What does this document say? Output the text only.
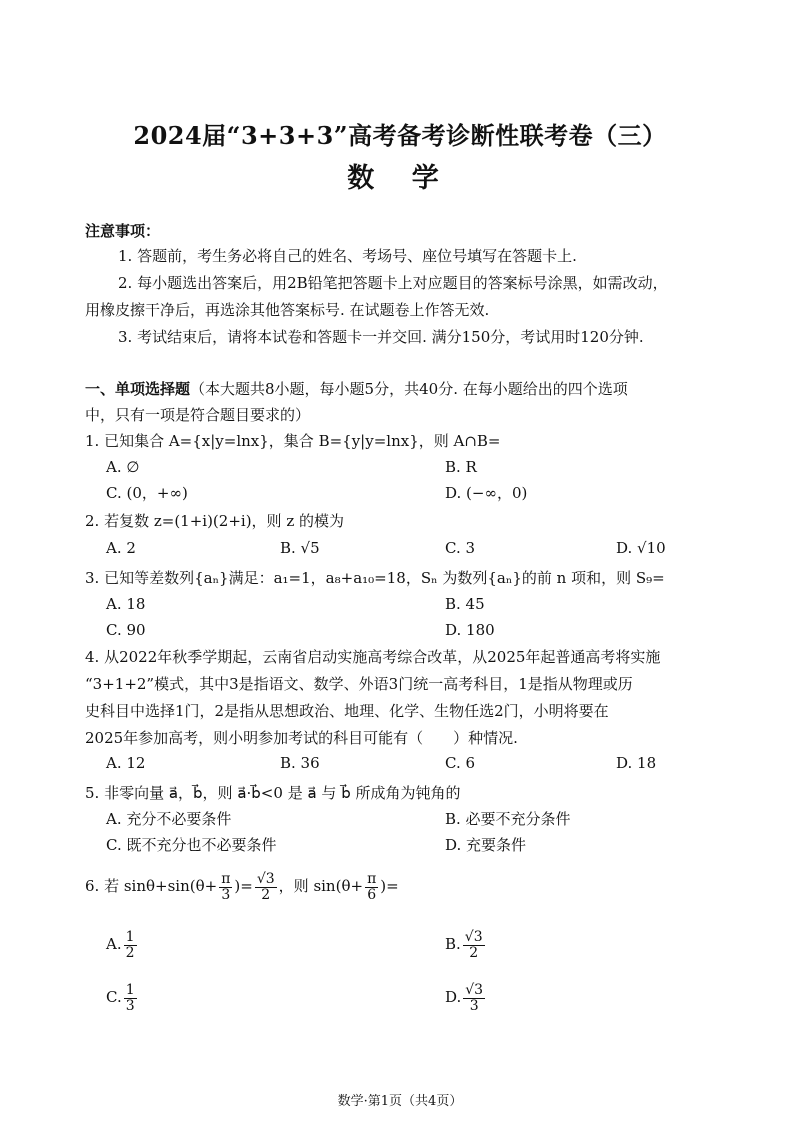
2024届“3+3+3”高考备考诊断性联考卷（三）
数 学
注意事项：
1. 答题前，考生务必将自己的姓名、考场号、座位号填写在答题卡上.
2. 每小题选出答案后，用2B铅笔把答题卡上对应题目的答案标号涂黑，如需改动，
用橡皮擦干净后，再选涂其他答案标号. 在试题卷上作答无效.
3. 考试结束后，请将本试卷和答题卡一并交回. 满分150分，考试用时120分钟.
一、单项选择题（本大题共8小题，每小题5分，共40分. 在每小题给出的四个选项
中，只有一项是符合题目要求的）
1. 已知集合 A={x|y=lnx}，集合 B={y|y=lnx}，则 A∩B=
A. ∅	B. R
C. (0，+∞)	D. (−∞，0)
2. 若复数 z=(1+i)(2+i)，则 z 的模为
A. 2	B. √5	C. 3	D. √10
3. 已知等差数列{aₙ}满足：a₁=1，a₈+a₁₀=18，Sₙ 为数列{aₙ}的前 n 项和，则 S₉=
A. 18	B. 45
C. 90	D. 180
4. 从2022年秋季学期起，云南省启动实施高考综合改革，从2025年起普通高考将实施
“3+1+2”模式，其中3是指语文、数学、外语3门统一高考科目，1是指从物理或历
史科目中选择1门，2是指从思想政治、地理、化学、生物任选2门，小明将要在
2025年参加高考，则小明参加考试的科目可能有（　　）种情况.
A. 12	B. 36	C. 6	D. 18
5. 非零向量 a⃗，b⃗，则 a⃗·b⃗<0 是 a⃗ 与 b⃗ 所成角为钝角的
A. 充分不必要条件	B. 必要不充分条件
C. 既不充分也不必要条件	D. 充要条件
6. 若 $\sin\theta+\sin(\theta+ \frac{\pi}{3}$ )= $\frac{√3}{2}$ ，则 $\sin(\theta+ \frac{\pi}{6}$ )=
A. $\frac{1}{2}$	B. $\frac{√3}{2}$
C. $\frac{1}{3}$	D. $\frac{√3}{3}$
数学·第1页（共4页）
